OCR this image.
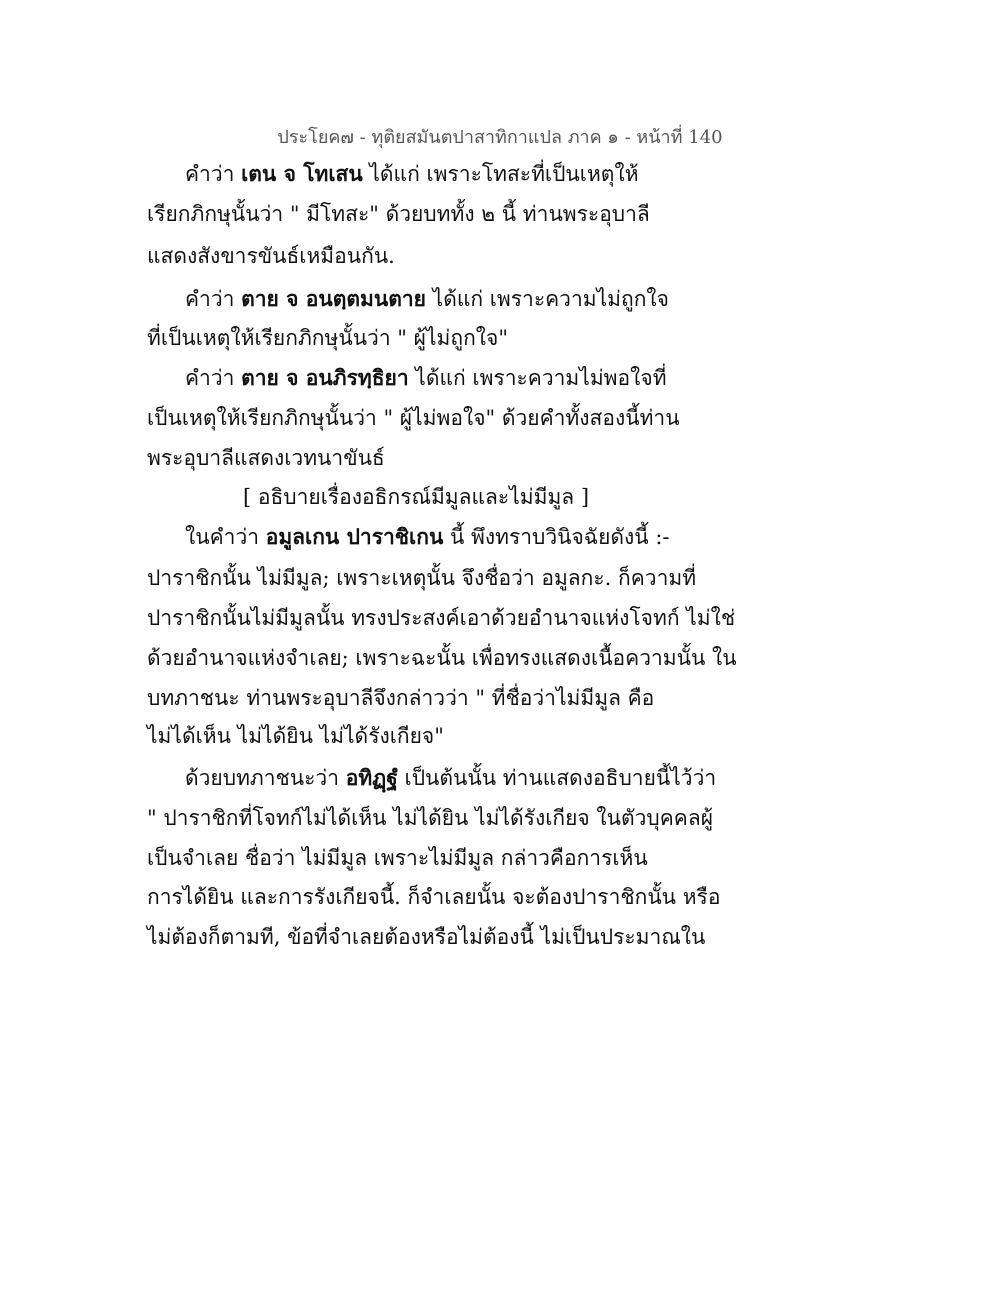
ประโยค๗ - ทุติยสมันตปาสาทิกาแปล ภาค ๑ - หน้าที่ 140
คำว่า เตน จ โทเสน ได้แก่ เพราะโทสะที่เป็นเหตุให้
เรียกภิกษุนั้นว่า " มีโทสะ" ด้วยบททั้ง ๒ นี้ ท่านพระอุบาลี
แสดงสังขารขันธ์เหมือนกัน.
คำว่า ตาย จ อนตฺตมนตาย ได้แก่ เพราะความไม่ถูกใจ
ที่เป็นเหตุให้เรียกภิกษุนั้นว่า " ผู้ไม่ถูกใจ"
คำว่า ตาย จ อนภิรทฺธิยา ได้แก่ เพราะความไม่พอใจที่
เป็นเหตุให้เรียกภิกษุนั้นว่า " ผู้ไม่พอใจ" ด้วยคำทั้งสองนี้ท่าน
พระอุบาลีแสดงเวทนาขันธ์
[ อธิบายเรื่องอธิกรณ์มีมูลและไม่มีมูล ]
ในคำว่า อมูลเกน ปาราชิเกน นี้ พึงทราบวินิจฉัยดังนี้ :-
ปาราชิกนั้น ไม่มีมูล; เพราะเหตุนั้น จึงชื่อว่า อมูลกะ. ก็ความที่
ปาราชิกนั้นไม่มีมูลนั้น ทรงประสงค์เอาด้วยอำนาจแห่งโจทก์ ไม่ใช่
ด้วยอำนาจแห่งจำเลย; เพราะฉะนั้น เพื่อทรงแสดงเนื้อความนั้น ใน
บทภาชนะ ท่านพระอุบาลีจึงกล่าวว่า " ที่ชื่อว่าไม่มีมูล คือ
ไม่ได้เห็น ไม่ได้ยิน ไม่ได้รังเกียจ"
ด้วยบทภาชนะว่า อทิฏฺฐํ เป็นต้นนั้น ท่านแสดงอธิบายนี้ไว้ว่า
" ปาราชิกที่โจทก์ไม่ได้เห็น ไม่ได้ยิน ไม่ได้รังเกียจ ในตัวบุคคลผู้
เป็นจำเลย ชื่อว่า ไม่มีมูล เพราะไม่มีมูล กล่าวคือการเห็น
การได้ยิน และการรังเกียจนี้. ก็จำเลยนั้น จะต้องปาราชิกนั้น หรือ
ไม่ต้องก็ตามที, ข้อที่จำเลยต้องหรือไม่ต้องนี้ ไม่เป็นประมาณใน
